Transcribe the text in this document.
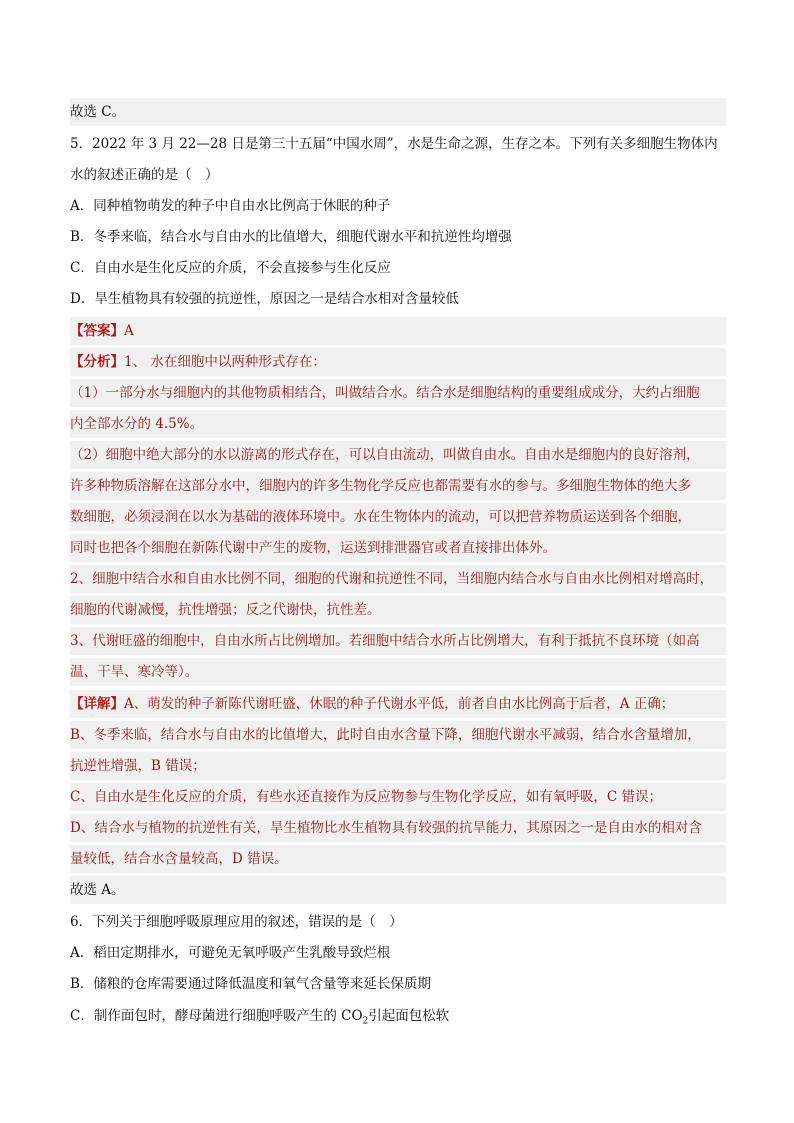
故选 C。
5．2022 年 3 月 22—28 日是第三十五届“中国水周”，水是生命之源，生存之本。下列有关多细胞生物体内
水的叙述正确的是（　）
A．同种植物萌发的种子中自由水比例高于休眠的种子
B．冬季来临，结合水与自由水的比值增大，细胞代谢水平和抗逆性均增强
C．自由水是生化反应的介质，不会直接参与生化反应
D．旱生植物具有较强的抗逆性，原因之一是结合水相对含量较低
【答案】A
【分析】1、 水在细胞中以两种形式存在：
（1）一部分水与细胞内的其他物质相结合，叫做结合水。结合水是细胞结构的重要组成成分，大约占细胞
内全部水分的 4.5%。
（2）细胞中绝大部分的水以游离的形式存在，可以自由流动，叫做自由水。自由水是细胞内的良好溶剂，
许多种物质溶解在这部分水中，细胞内的许多生物化学反应也都需要有水的参与。多细胞生物体的绝大多
数细胞，必须浸润在以水为基础的液体环境中。水在生物体内的流动，可以把营养物质运送到各个细胞，
同时也把各个细胞在新陈代谢中产生的废物，运送到排泄器官或者直接排出体外。
2、细胞中结合水和自由水比例不同，细胞的代谢和抗逆性不同，当细胞内结合水与自由水比例相对增高时，
细胞的代谢减慢，抗性增强；反之代谢快，抗性差。
3、代谢旺盛的细胞中，自由水所占比例增加。若细胞中结合水所占比例增大，有利于抵抗不良环境（如高
温、干旱、寒冷等）。
【详解】A、萌发的种子新陈代谢旺盛，休眠的种子代谢水平低，前者自由水比例高于后者，A 正确；
B、冬季来临，结合水与自由水的比值增大，此时自由水含量下降，细胞代谢水平减弱，结合水含量增加，
抗逆性增强，B 错误；
C、自由水是生化反应的介质，有些水还直接作为反应物参与生物化学反应，如有氧呼吸，C 错误；
D、结合水与植物的抗逆性有关，旱生植物比水生植物具有较强的抗旱能力，其原因之一是自由水的相对含
量较低，结合水含量较高，D 错误。
故选 A。
6．下列关于细胞呼吸原理应用的叙述，错误的是（　）
A．稻田定期排水，可避免无氧呼吸产生乳酸导致烂根
B．储粮的仓库需要通过降低温度和氧气含量等来延长保质期
C．制作面包时，酵母菌进行细胞呼吸产生的 $CO_2$引起面包松软
